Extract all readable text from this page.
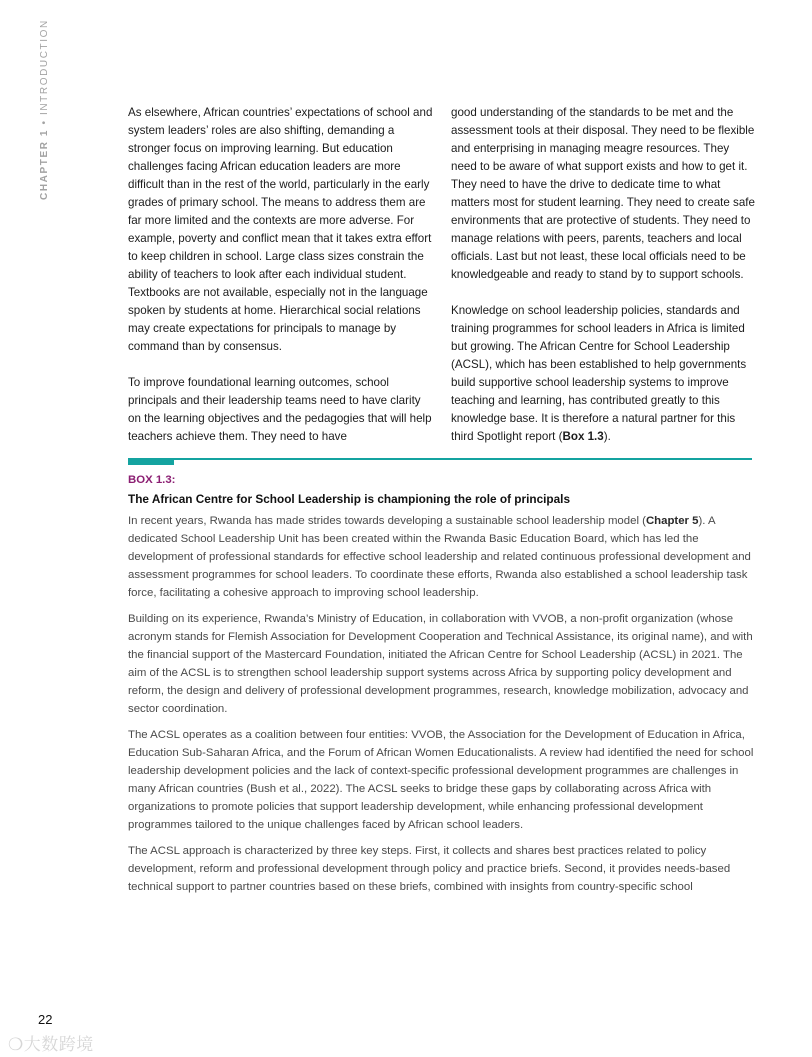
CHAPTER 1 • INTRODUCTION	As elsewhere, African countries’ expectations of school and system leaders’ roles are also shifting, demanding a stronger focus on improving learning. But education challenges facing African education leaders are more difficult than in the rest of the world, particularly in the early grades of primary school. The means to address them are far more limited and the contexts are more adverse. For example, poverty and conflict mean that it takes extra effort to keep children in school. Large class sizes constrain the ability of teachers to look after each individual student. Textbooks are not available, especially not in the language spoken by students at home. Hierarchical social relations may create expectations for principals to manage by command than by consensus.

To improve foundational learning outcomes, school principals and their leadership teams need to have clarity on the learning objectives and the pedagogies that will help teachers achieve them. They need to have

good understanding of the standards to be met and the assessment tools at their disposal. They need to be flexible and enterprising in managing meagre resources. They need to be aware of what support exists and how to get it. They need to have the drive to dedicate time to what matters most for student learning. They need to create safe environments that are protective of students. They need to manage relations with peers, parents, teachers and local officials. Last but not least, these local officials need to be knowledgeable and ready to stand by to support schools.

Knowledge on school leadership policies, standards and training programmes for school leaders in Africa is limited but growing. The African Centre for School Leadership (ACSL), which has been established to help governments build supportive school leadership systems to improve teaching and learning, has contributed greatly to this knowledge base. It is therefore a natural partner for this third Spotlight report (Box 1.3).

BOX 1.3:
The African Centre for School Leadership is championing the role of principals

In recent years, Rwanda has made strides towards developing a sustainable school leadership model (Chapter 5). A dedicated School Leadership Unit has been created within the Rwanda Basic Education Board, which has led the development of professional standards for effective school leadership and related continuous professional development and assessment programmes for school leaders. To coordinate these efforts, Rwanda also established a school leadership task force, facilitating a cohesive approach to improving school leadership.

Building on its experience, Rwanda’s Ministry of Education, in collaboration with VVOB, a non-profit organization (whose acronym stands for Flemish Association for Development Cooperation and Technical Assistance, its original name), and with the financial support of the Mastercard Foundation, initiated the African Centre for School Leadership (ACSL) in 2021. The aim of the ACSL is to strengthen school leadership support systems across Africa by supporting policy development and reform, the design and delivery of professional development programmes, research, knowledge mobilization, advocacy and sector coordination.

The ACSL operates as a coalition between four entities: VVOB, the Association for the Development of Education in Africa, Education Sub-Saharan Africa, and the Forum of African Women Educationalists. A review had identified the need for school leadership development policies and the lack of context-specific professional development programmes are challenges in many African countries (Bush et al., 2022). The ACSL seeks to bridge these gaps by collaborating across Africa with organizations to promote policies that support leadership development, while enhancing professional development programmes tailored to the unique challenges faced by African school leaders.

The ACSL approach is characterized by three key steps. First, it collects and shares best practices related to policy development, reform and professional development through policy and practice briefs. Second, it provides needs-based technical support to partner countries based on these briefs, combined with insights from country-specific school

22
❍大数跨境
